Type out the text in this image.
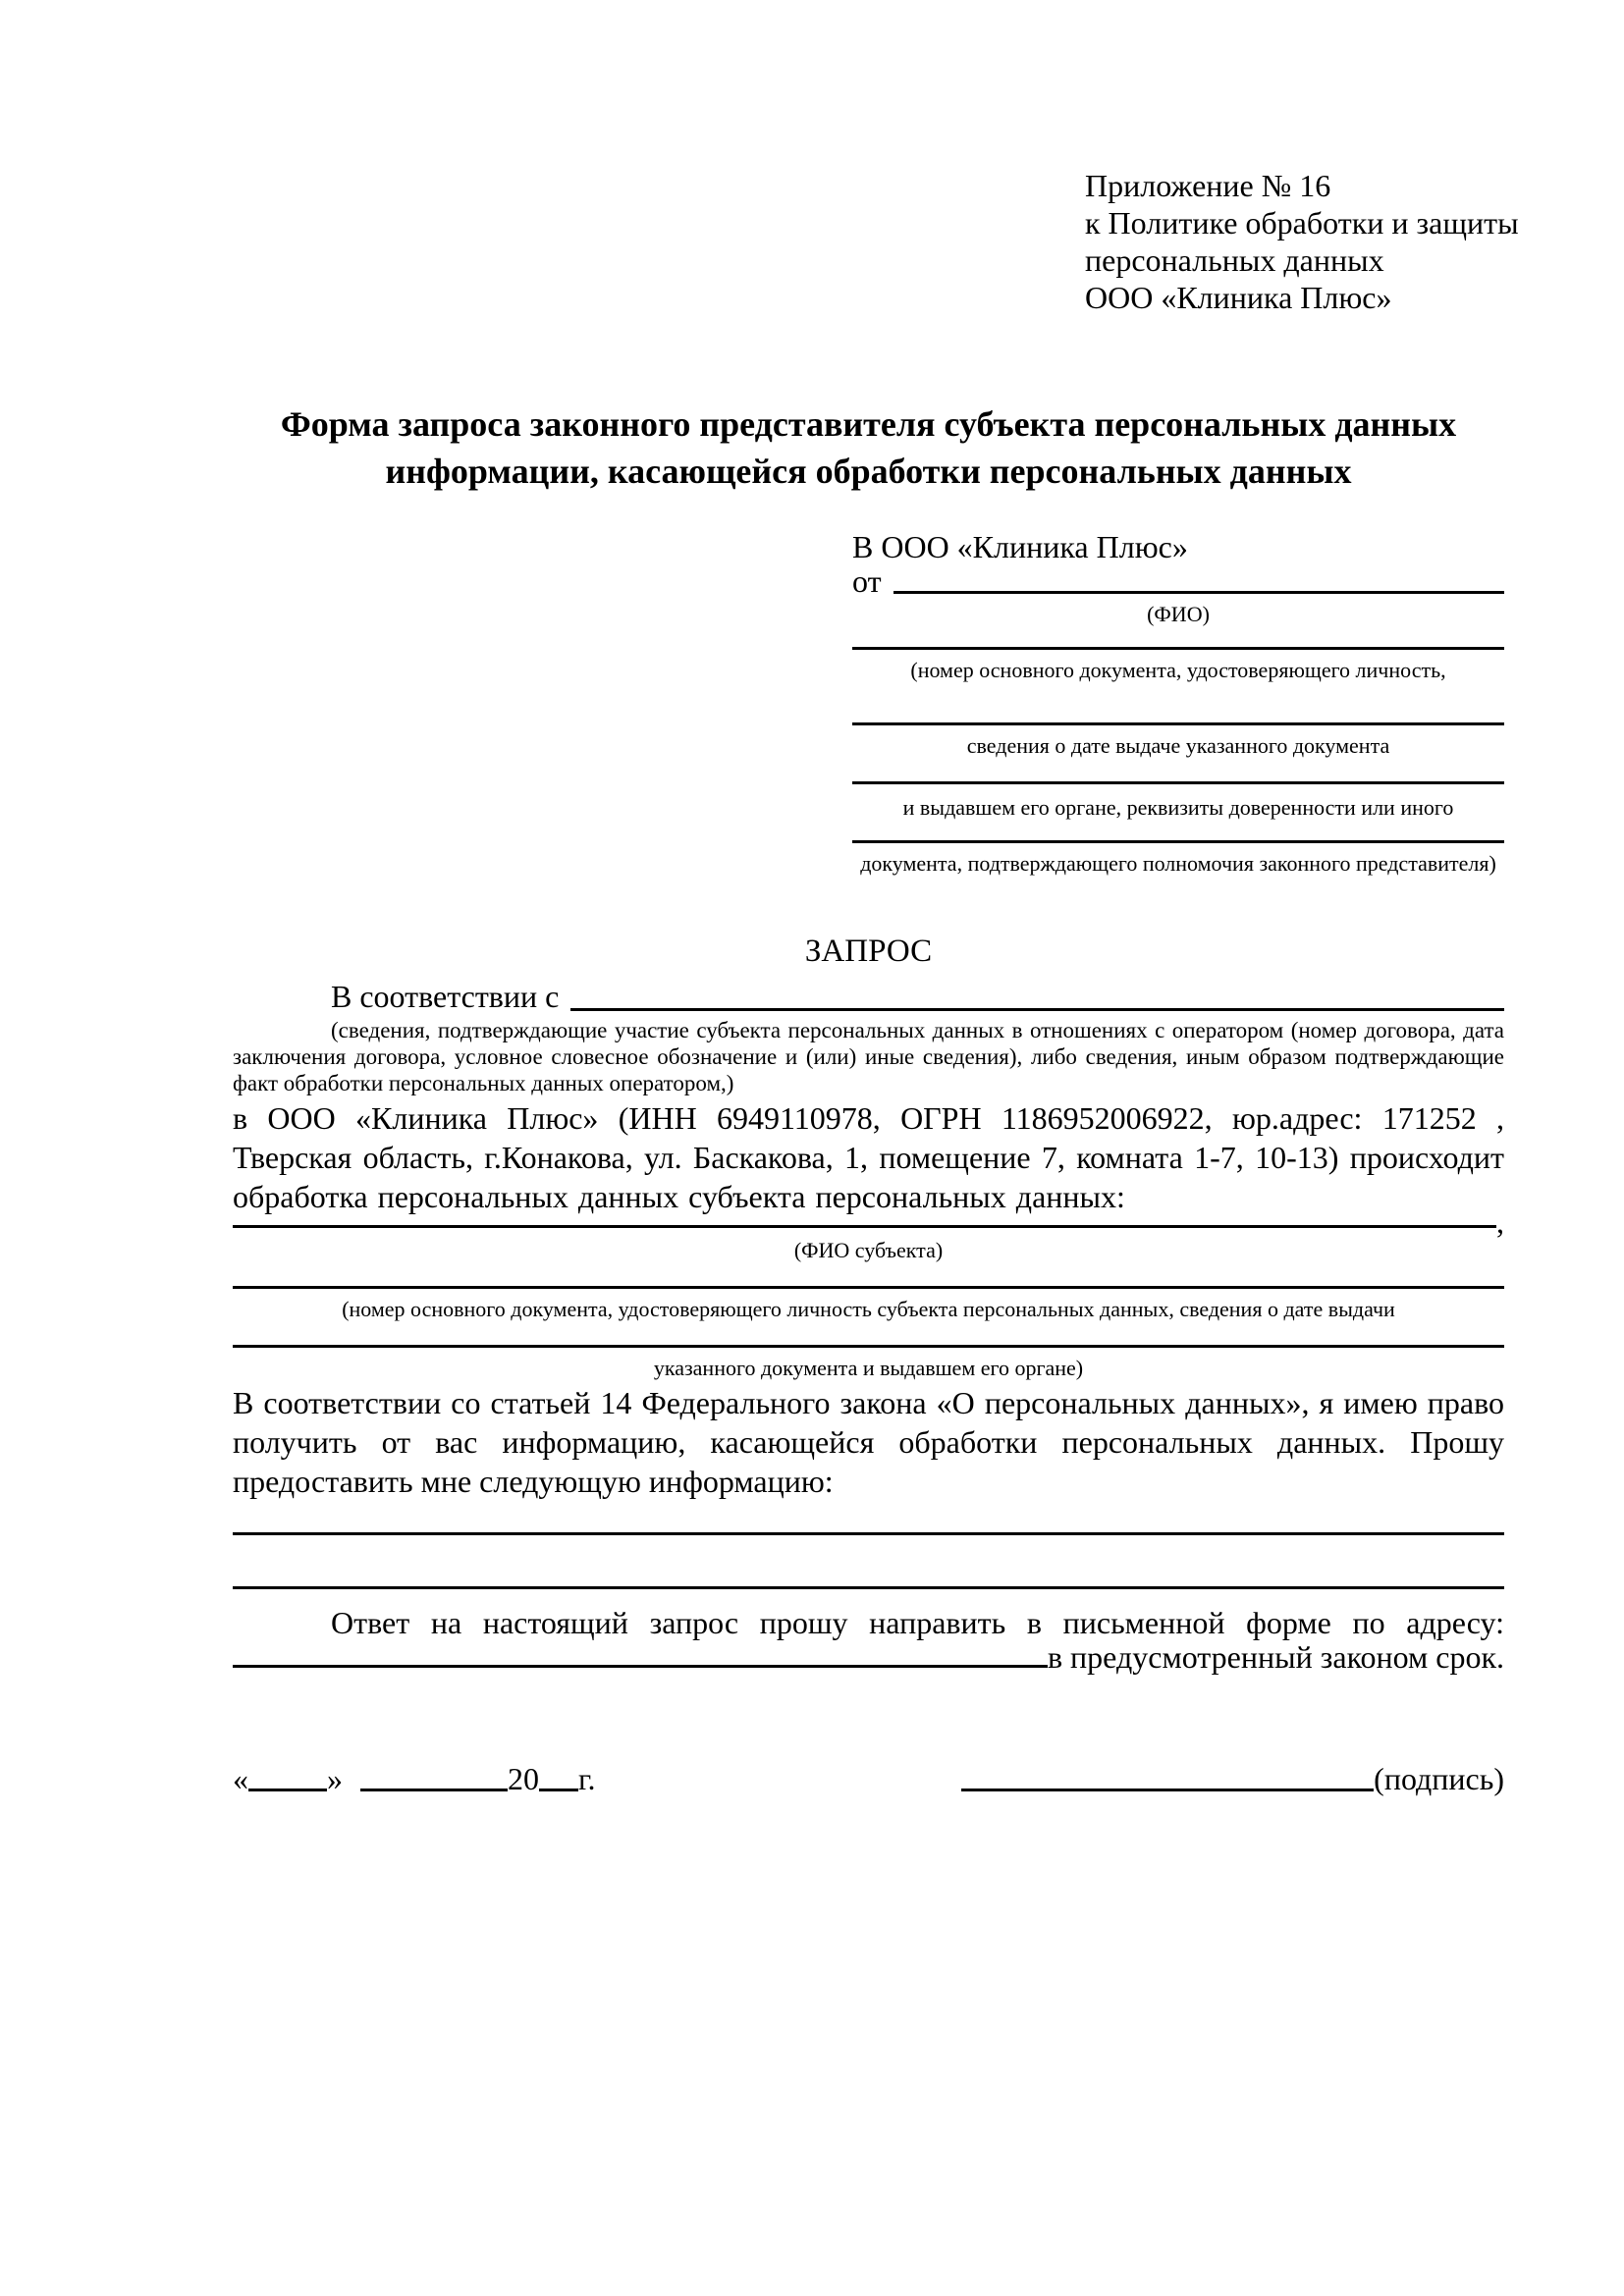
Приложение № 16
к Политике обработки и защиты
персональных данных
ООО «Клиника Плюс»
Форма запроса законного представителя субъекта персональных данных информации, касающейся обработки персональных данных
В ООО «Клиника Плюс»
от
(ФИО)
(номер основного документа, удостоверяющего личность,
сведения о дате выдаче указанного документа
и выдавшем его органе, реквизиты доверенности или иного
документа, подтверждающего полномочия законного представителя)
ЗАПРОС
В соответствии с
(сведения, подтверждающие участие субъекта персональных данных в отношениях с оператором (номер договора, дата заключения договора, условное словесное обозначение и (или) иные сведения), либо сведения, иным образом подтверждающие факт обработки персональных данных оператором,)
в ООО «Клиника Плюс» (ИНН 6949110978, ОГРН 1186952006922, юр.адрес: 171252 , Тверская область, г.Конакова, ул. Баскакова, 1, помещение 7, комната 1-7, 10-13) происходит обработка персональных данных субъекта персональных данных:
,
(ФИО субъекта)
(номер основного документа, удостоверяющего личность субъекта персональных данных, сведения о дате выдачи
указанного документа и выдавшем его органе)
В соответствии со статьей 14 Федерального закона «О персональных данных», я имею право получить от вас информацию, касающейся обработки персональных данных. Прошу предоставить мне следующую информацию:
Ответ на настоящий запрос прошу направить в письменной форме по адресу:
в предусмотренный законом срок.
«	»	20 г.	(подпись)
